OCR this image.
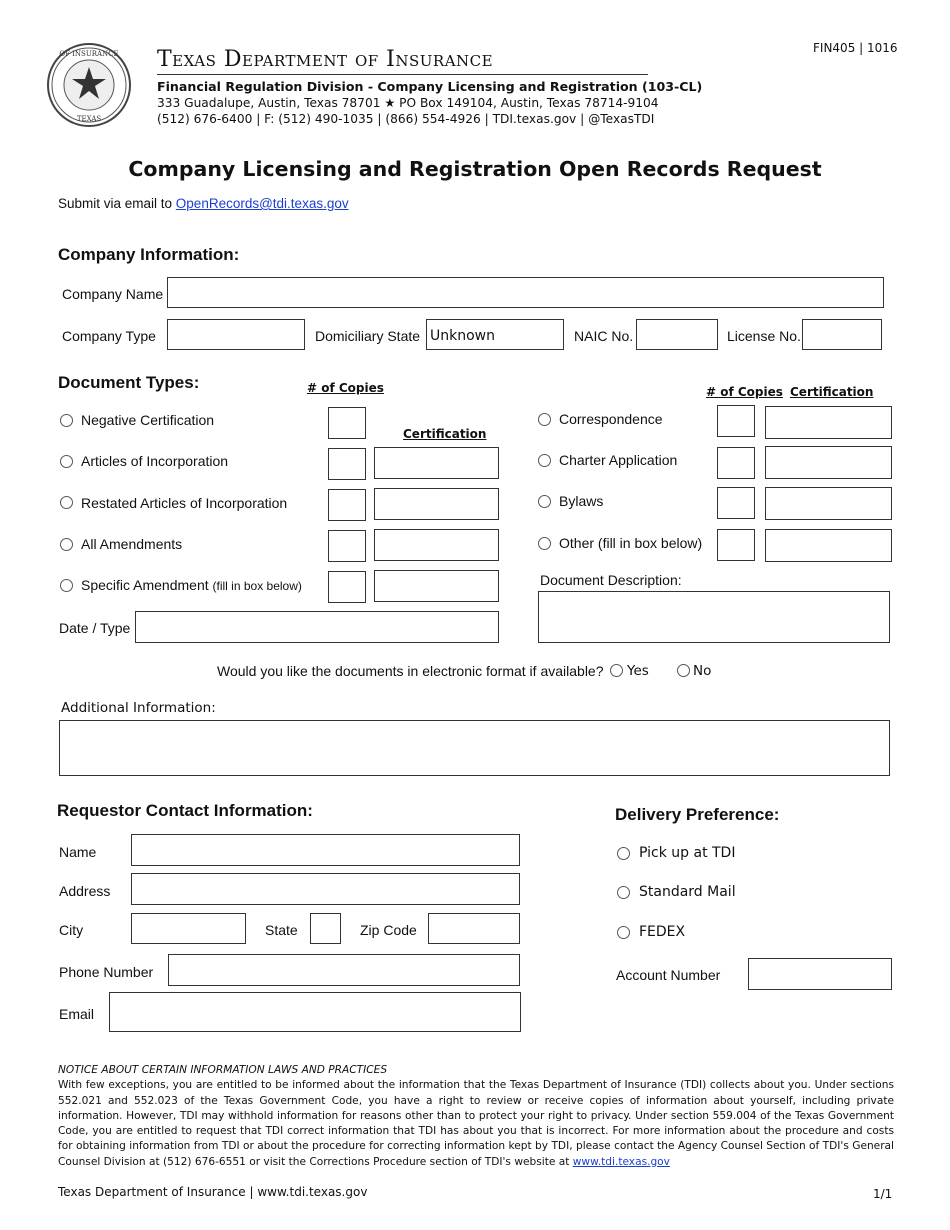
OF INSURANCE
TEXAS
Texas Department of Insurance
Financial Regulation Division - Company Licensing and Registration (103-CL)
333 Guadalupe, Austin, Texas 78701 ★ PO Box 149104, Austin, Texas 78714-9104
(512) 676-6400 | F: (512) 490-1035 | (866) 554-4926 | TDI.texas.gov | @TexasTDI
FIN405 | 1016
Company Licensing and Registration Open Records Request
Submit via email to OpenRecords@tdi.texas.gov
Company Information:
Company Name
Company Type	Domiciliary State Unknown	NAIC No.	License No.
Document Types:	# of Copies
Certification
# of Copies Certification
Negative Certification
Articles of Incorporation
Restated Articles of Incorporation
All Amendments
Specific Amendment (fill in box below)
Date / Type
Correspondence
Charter Application
Bylaws
Other (fill in box below)
Document Description:
Would you like the documents in electronic format if available? Yes	No
Additional Information:
Requestor Contact Information:
Name
Address
City	State	Zip Code
Phone Number
Email
Delivery Preference:
Pick up at TDI
Standard Mail
FEDEX
Account Number

NOTICE ABOUT CERTAIN INFORMATION LAWS AND PRACTICES

With few exceptions, you are entitled to be informed about the information that the Texas Department of Insurance (TDI) collects about you. Under sections 552.021 and 552.023 of the Texas Government Code, you have a right to review or receive copies of information about yourself, including private information. However, TDI may withhold information for reasons other than to protect your right to privacy. Under section 559.004 of the Texas Government Code, you are entitled to request that TDI correct information that TDI has about you that is incorrect. For more information about the procedure and costs for obtaining information from TDI or about the procedure for correcting information kept by TDI, please contact the Agency Counsel Section of TDI's General Counsel Division at (512) 676-6551 or visit the Corrections Procedure section of TDI's website at www.tdi.texas.gov

Texas Department of Insurance | www.tdi.texas.gov	1/1
